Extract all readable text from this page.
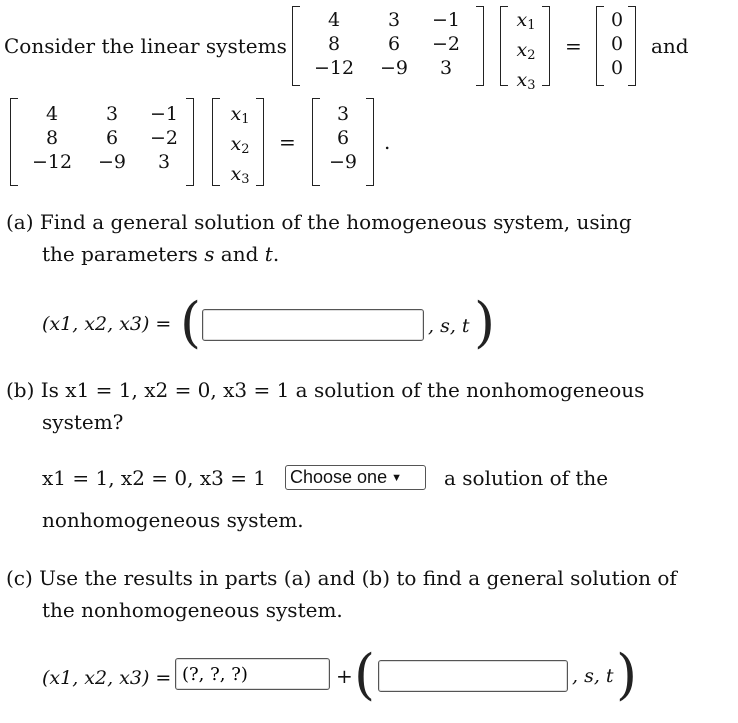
Consider the linear systems
4	3	−1
8	6	−2
−12	−9	3
$x_1$
$x_2$
$x_3$
=
0
0
0
and
4	3	−1
8	6	−2
−12	−9	3
$x_1$
$x_2$
$x_3$
=
3
6
−9
.
(a) Find a general solution of the homogeneous system, using
the parameters s and t.
(x1, x2, x3) = (	, s, t )
(b) Is x1 = 1, x2 = 0, x3 = 1 a solution of the nonhomogeneous
system?
x1 = 1, x2 = 0, x3 = 1 Choose one ▼	a solution of the
nonhomogeneous system.
(c) Use the results in parts (a) and (b) to find a general solution of
the nonhomogeneous system.
(x1, x2, x3) =
(?, ?, ?)	+ (	, s, t )
